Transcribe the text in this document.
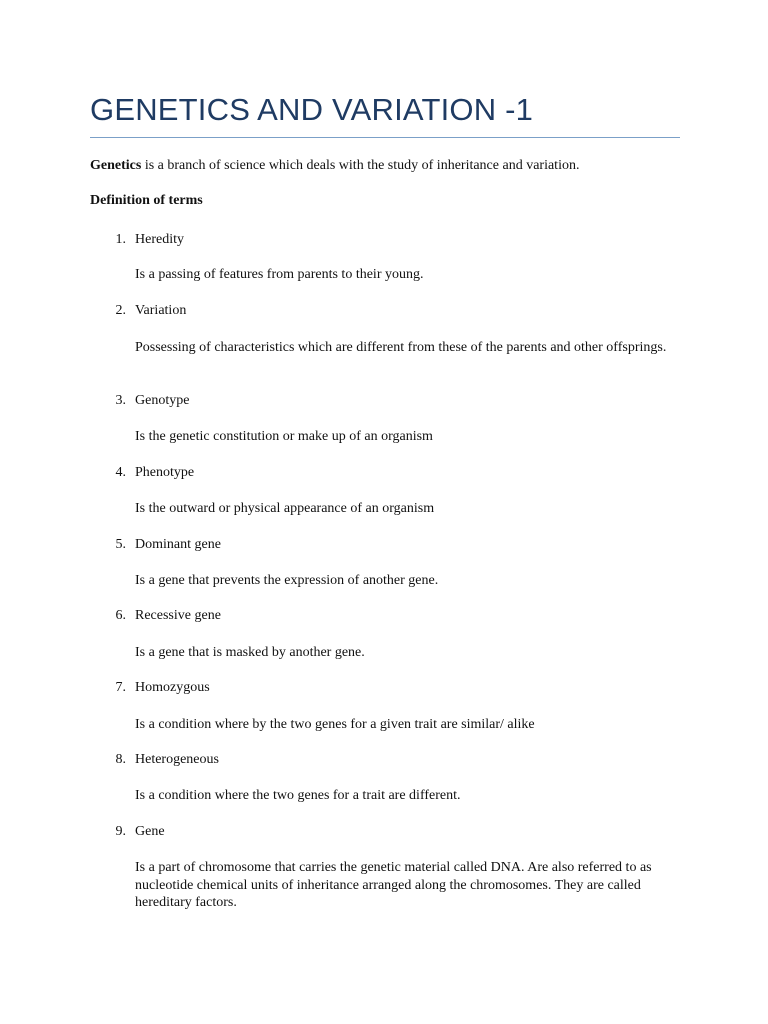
GENETICS AND VARIATION -1

Genetics is a branch of science which deals with the study of inheritance and variation.

Definition of terms

1. Heredity
Is a passing of features from parents to their young.
2. Variation
Possessing of characteristics which are different from these of the parents and other offsprings.
3. Genotype
Is the genetic constitution or make up of an organism
4. Phenotype
Is the outward or physical appearance of an organism
5. Dominant gene
Is a gene that prevents the expression of another gene.
6. Recessive gene
Is a gene that is masked by another gene.
7. Homozygous
Is a condition where by the two genes for a given trait are similar/ alike
8. Heterogeneous
Is a condition where the two genes for a trait are different.
9. Gene
Is a part of chromosome that carries the genetic material called DNA. Are also referred to as nucleotide chemical units of inheritance arranged along the chromosomes. They are called hereditary factors.
